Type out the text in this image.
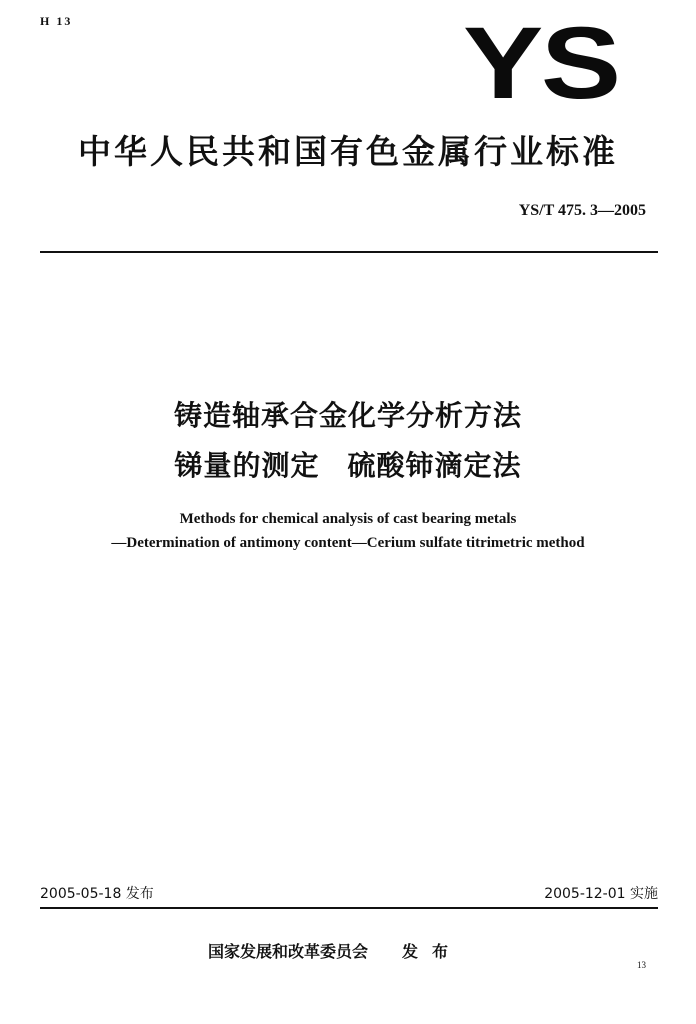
H 13	YS
中华人民共和国有色金属行业标准
YS/T 475. 3—2005
铸造轴承合金化学分析方法
锑量的测定 硫酸铈滴定法
Methods for chemical analysis of cast bearing metals
—Determination of antimony content—Cerium sulfate titrimetric method
2005-05-18 发布	2005-12-01 实施
国家发展和改革委员会 发布
13
